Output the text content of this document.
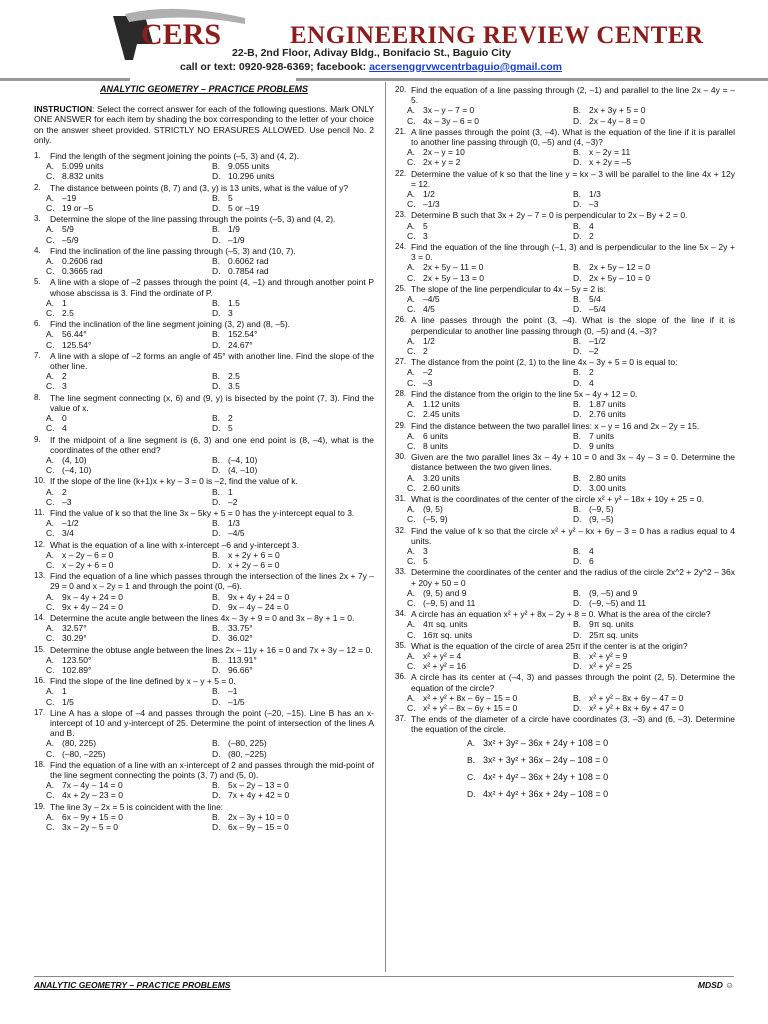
CERS	ENGINEERING REVIEW CENTER
22-B, 2nd Floor, Adivay Bldg., Bonifacio St., Baguio City
call or text: 0920-928-6369; facebook: acersenggrvwcentrbaguio@gmail.com
ANALYTIC GEOMETRY – PRACTICE PROBLEMS
INSTRUCTION: Select the correct answer for each of the following questions. Mark ONLY ONE ANSWER for each item by shading the box corresponding to the letter of your choice on the answer sheet provided. STRICTLY NO ERASURES ALLOWED. Use pencil No. 2 only.
1.	Find the length of the segment joining the points (–5, 3) and (4, 2).
A. 5.099 units	B. 9.055 units
C. 8.832 units	D. 10.296 units
2.	The distance between points (8, 7) and (3, y) is 13 units, what is the value of y?
A. –19	B. 5
C. 19 or –5	D. 5 or –19
3.	Determine the slope of the line passing through the points (–5, 3) and (4, 2).
A. 5/9	B. 1/9
C. –5/9	D. –1/9
4.	Find the inclination of the line passing through (–5, 3) and (10, 7).
A. 0.2606 rad	B. 0.6062 rad
C. 0.3665 rad	D. 0.7854 rad
5.	A line with a slope of –2 passes through the point (4, –1) and through another point P whose abscissa is 3. Find the ordinate of P.
A. 1	B. 1.5
C. 2.5	D. 3
6.	Find the inclination of the line segment joining (3, 2) and (8, –5).
A. 56.44°	B. 152.54°
C. 125.54°	D. 24.67°
7.	A line with a slope of –2 forms an angle of 45° with another line. Find the slope of the other line.
A. 2	B. 2.5
C. 3	D. 3.5
8.	The line segment connecting (x, 6) and (9, y) is bisected by the point (7, 3). Find the value of x.
A. 0	B. 2
C. 4	D. 5
9.	If the midpoint of a line segment is (6, 3) and one end point is (8, –4), what is the coordinates of the other end?
A. (4, 10)	B. (–4, 10)
C. (–4, 10)	D. (4, –10)
10. If the slope of the line (k+1)x + ky – 3 = 0 is –2, find the value of k.
A. 2	B. 1
C. –3	D. –2
11. Find the value of k so that the line 3x – 5ky + 5 = 0 has the y-intercept equal to 3.
A. –1/2	B. 1/3
C. 3/4	D. –4/5
12. What is the equation of a line with x-intercept –6 and y-intercept 3.
A. x – 2y – 6 = 0	B. x + 2y + 6 = 0
C. x – 2y + 6 = 0	D. x + 2y – 6 = 0
13. Find the equation of a line which passes through the intersection of the lines 2x + 7y – 29 = 0 and x – 2y = 1 and through the point (0, –6).
A. 9x – 4y + 24 = 0	B. 9x + 4y + 24 = 0
C. 9x + 4y – 24 = 0	D. 9x – 4y – 24 = 0
14. Determine the acute angle between the lines 4x – 3y + 9 = 0 and 3x – 8y + 1 = 0.
A. 32.57°	B. 33.75°
C. 30.29°	D. 36.02°
15. Determine the obtuse angle between the lines 2x – 11y + 16 = 0 and 7x + 3y – 12 = 0.
A. 123.50°	B. 113.91°
C. 102.89°	D. 96.66°
16. Find the slope of the line defined by x – y + 5 = 0.
A. 1	B. –1
C. 1/5	D. –1/5
17. Line A has a slope of –4 and passes through the point (–20, –15). Line B has an x-intercept of 10 and y-intercept of 25. Determine the point of intersection of the lines A and B.
A. (80, 225)	B. (–80, 225)
C. (–80, –225)	D. (80, –225)
18. Find the equation of a line with an x-intercept of 2 and passes through the mid-point of the line segment connecting the points (3, 7) and (5, 0).
A. 7x – 4y – 14 = 0	B. 5x – 2y – 13 = 0
C. 4x + 2y – 23 = 0	D. 7x + 4y + 42 = 0
19. The line 3y – 2x = 5 is coincident with the line:
A. 6x – 9y + 15 = 0	B. 2x – 3y + 10 = 0
C. 3x – 2y – 5 = 0	D. 6x – 9y – 15 = 0
20. Find the equation of a line passing through (2, –1) and parallel to the line 2x – 4y = –5.
A. 3x – y – 7 = 0	B. 2x + 3y + 5 = 0
C. 4x – 3y – 6 = 0	D. 2x – 4y – 8 = 0
21. A line passes through the point (3, –4). What is the equation of the line if it is parallel to another line passing through (0, –5) and (4, –3)?
A. 2x – y = 10	B. x – 2y = 11
C. 2x + y = 2	D. x + 2y = –5
22. Determine the value of k so that the line y = kx – 3 will be parallel to the line 4x + 12y = 12.
A. 1/2	B. 1/3
C. –1/3	D. –3
23. Determine B such that 3x + 2y – 7 = 0 is perpendicular to 2x – By + 2 = 0.
A. 5	B. 4
C. 3	D. 2
24. Find the equation of the line through (–1, 3) and is perpendicular to the line 5x – 2y + 3 = 0.
A. 2x + 5y – 11 = 0	B. 2x + 5y – 12 = 0
C. 2x + 5y – 13 = 0	D. 2x + 5y – 10 = 0
25. The slope of the line perpendicular to 4x – 5y = 2 is:
A. –4/5	B. 5/4
C. 4/5	D. –5/4
26. A line passes through the point (3, –4). What is the slope of the line if it is perpendicular to another line passing through (0, –5) and (4, –3)?
A. 1/2	B. –1/2
C. 2	D. –2
27. The distance from the point (2, 1) to the line 4x – 3y + 5 = 0 is equal to:
A. –2	B. 2
C. –3	D. 4
28. Find the distance from the origin to the line 5x – 4y + 12 = 0.
A. 1.12 units	B. 1.87 units
C. 2.45 units	D. 2.76 units
29. Find the distance between the two parallel lines: x – y = 16 and 2x – 2y = 15.
A. 6 units	B. 7 units
C. 8 units	D. 9 units
30. Given are the two parallel lines 3x – 4y + 10 = 0 and 3x – 4y – 3 = 0. Determine the distance between the two given lines.
A. 3.20 units	B. 2.80 units
C. 2.60 units	D. 3.00 units
31. What is the coordinates of the center of the circle x² + y² – 18x + 10y + 25 = 0.
A. (9, 5)	B. (–9, 5)
C. (–5, 9)	D. (9, –5)
32. Find the value of k so that the circle x² + y² – kx + 6y – 3 = 0 has a radius equal to 4 units.
A. 3	B. 4
C. 5	D. 6
33. Determine the coordinates of the center and the radius of the circle 2x^2 + 2y^2 – 36x + 20y + 50 = 0
A. (9, 5) and 9	B. (9, –5) and 9
C. (–9, 5) and 11	D. (–9, –5) and 11
34. A circle has an equation x² + y² + 8x – 2y + 8 = 0. What is the area of the circle?
A. 4π sq. units	B. 9π sq. units
C. 16π sq. units	D. 25π sq. units
35. What is the equation of the circle of area 25π if the center is at the origin?
A. x² + y² = 4	B. x² + y² = 9
C. x² + y² = 16	D. x² + y² = 25
36. A circle has its center at (–4, 3) and passes through the point (2, 5). Determine the equation of the circle?
A. x² + y² + 8x – 6y – 15 = 0	B. x² + y² – 8x + 6y – 47 = 0
C. x² + y² – 8x – 6y + 15 = 0	D. x² + y² + 8x + 6y + 47 = 0
37. The ends of the diameter of a circle have coordinates (3, –3) and (6, –3). Determine the equation of the circle.
A. 3x² + 3y² – 36x + 24y + 108 = 0
B. 3x² + 3y² + 36x – 24y – 108 = 0
C. 4x² + 4y² – 36x + 24y + 108 = 0
D. 4x² + 4y² + 36x + 24y – 108 = 0
ANALYTIC GEOMETRY – PRACTICE PROBLEMS	MDSD ☺
